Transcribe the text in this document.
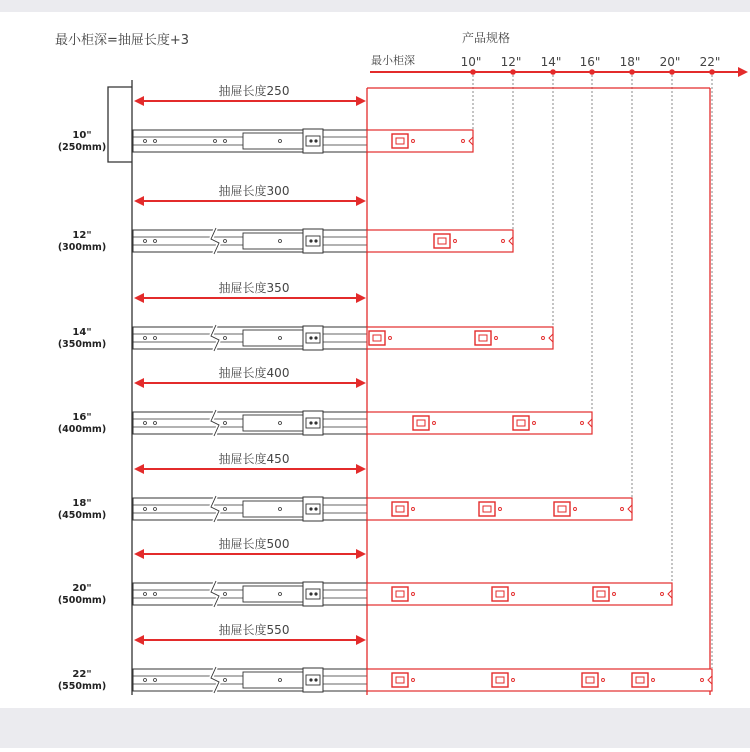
最小柜深=抽屉长度+3	产品规格
最小柜深	10" 12" 14" 16" 18" 20" 22"
抽屉长度250
10"
(250mm)
抽屉长度300
12"
(300mm)
抽屉长度350
14"
(350mm)
抽屉长度400
16"
(400mm)
抽屉长度450
18"
(450mm)
抽屉长度500
20"
(500mm)
抽屉长度550
22"
(550mm)
